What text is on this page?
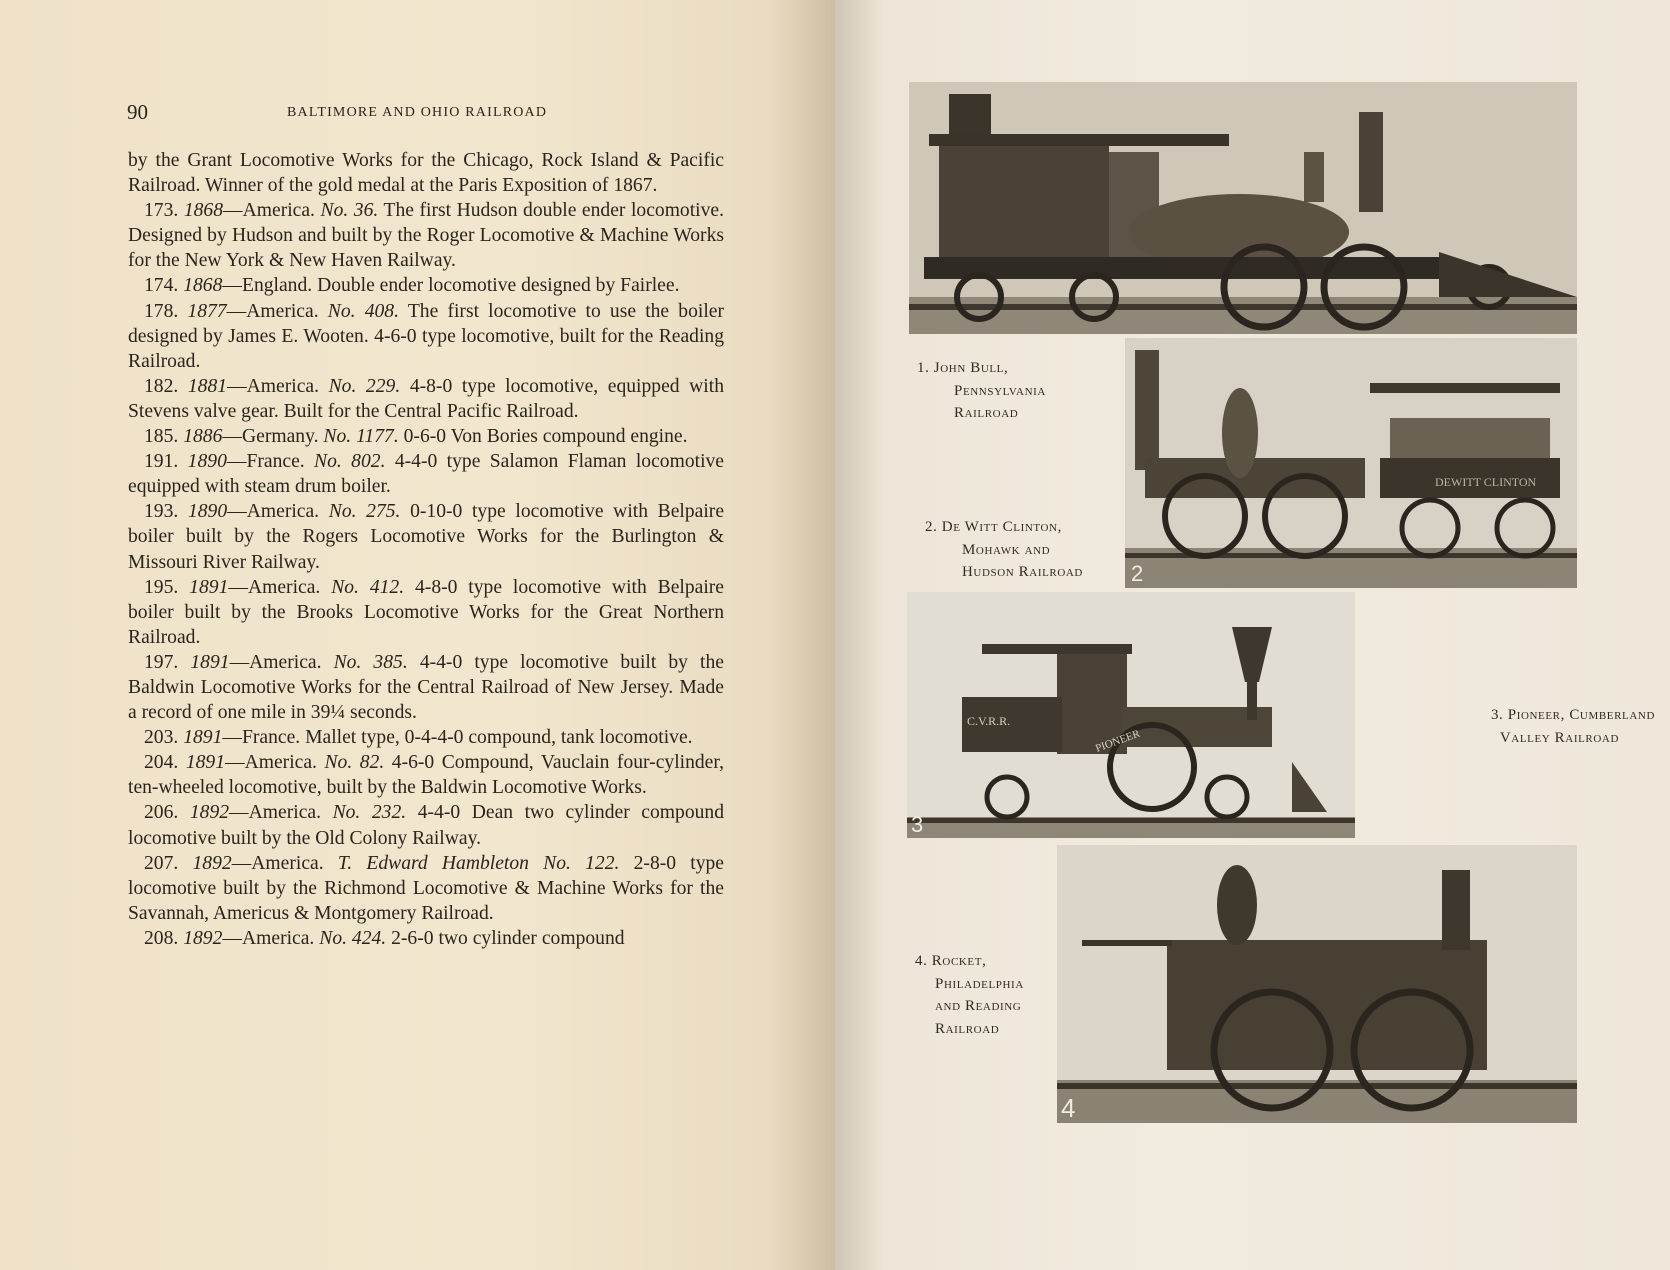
90	BALTIMORE AND OHIO RAILROAD

by the Grant Locomotive Works for the Chicago, Rock Island & Pacific Railroad. Winner of the gold medal at the Paris Exposition of 1867.

173. 1868—America. No. 36. The first Hudson double ender locomotive. Designed by Hudson and built by the Roger Locomotive & Machine Works for the New York & New Haven Railway.

174. 1868—England. Double ender locomotive designed by Fairlee.

178. 1877—America. No. 408. The first locomotive to use the boiler designed by James E. Wooten. 4-6-0 type locomotive, built for the Reading Railroad.

182. 1881—America. No. 229. 4-8-0 type locomotive, equipped with Stevens valve gear. Built for the Central Pacific Railroad.

185. 1886—Germany. No. 1177. 0-6-0 Von Bories compound engine.

191. 1890—France. No. 802. 4-4-0 type Salamon Flaman locomotive equipped with steam drum boiler.

193. 1890—America. No. 275. 0-10-0 type locomotive with Belpaire boiler built by the Rogers Locomotive Works for the Burlington & Missouri River Railway.

195. 1891—America. No. 412. 4-8-0 type locomotive with Belpaire boiler built by the Brooks Locomotive Works for the Great Northern Railroad.

197. 1891—America. No. 385. 4-4-0 type locomotive built by the Baldwin Locomotive Works for the Central Railroad of New Jersey. Made a record of one mile in 39¼ seconds.

203. 1891—France. Mallet type, 0-4-4-0 compound, tank locomotive.

204. 1891—America. No. 82. 4-6-0 Compound, Vauclain four-cylinder, ten-wheeled locomotive, built by the Baldwin Locomotive Works.

206. 1892—America. No. 232. 4-4-0 Dean two cylinder compound locomotive built by the Old Colony Railway.

207. 1892—America. T. Edward Hambleton No. 122. 2-8-0 type locomotive built by the Richmond Locomotive & Machine Works for the Savannah, Americus & Montgomery Railroad.

208. 1892—America. No. 424. 2-6-0 two cylinder compound

1. John Bull,
Pennsylvania
Railroad
DEWITT CLINTON
2
2. De Witt Clinton,
Mohawk and
Hudson Railroad
C.V.R.R.
PIONEER
3
3. Pioneer, Cumberland
Valley Railroad
4
4. Rocket,
Philadelphia
and Reading
Railroad
